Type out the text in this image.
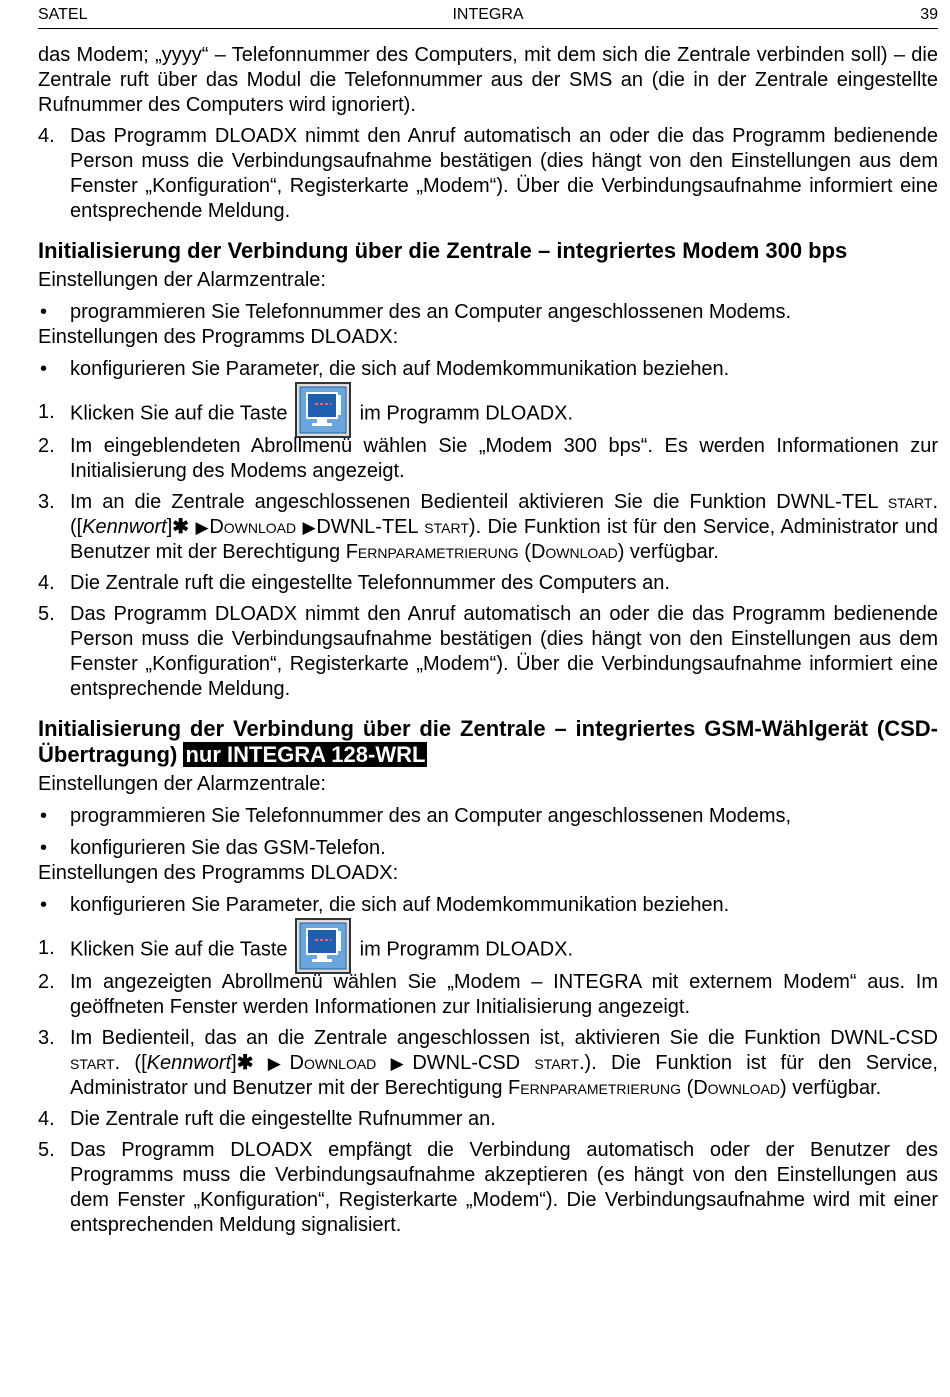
SATEL	INTEGRA	39

das Modem; „yyyy“ – Telefonnummer des Computers, mit dem sich die Zentrale verbinden soll) – die Zentrale ruft über das Modul die Telefonnummer aus der SMS an (die in der Zentrale eingestellte Rufnummer des Computers wird ignoriert).

4. Das Programm DLOADX nimmt den Anruf automatisch an oder die das Programm bedienende Person muss die Verbindungsaufnahme bestätigen (dies hängt von den Einstellungen aus dem Fenster „Konfiguration“, Registerkarte „Modem“). Über die Verbindungsaufnahme informiert eine entsprechende Meldung.
Initialisierung der Verbindung über die Zentrale – integriertes Modem 300 bps

Einstellungen der Alarmzentrale:

•	programmieren Sie Telefonnummer des an Computer angeschlossenen Modems.

Einstellungen des Programms DLOADX:

•	konfigurieren Sie Parameter, die sich auf Modemkommunikation beziehen.
1. Klicken Sie auf die Taste	im Programm DLOADX.
2. Im eingeblendeten Abrollmenü wählen Sie „Modem 300 bps“. Es werden Informationen zur Initialisierung des Modems angezeigt.
3. Im an die Zentrale angeschlossenen Bedienteil aktivieren Sie die Funktion DWNL-TEL start. ([Kennwort]✱ ▶Download ▶DWNL-TEL start). Die Funktion ist für den Service, Administrator und Benutzer mit der Berechtigung Fernparametrierung (Download) verfügbar.
4. Die Zentrale ruft die eingestellte Telefonnummer des Computers an.
5. Das Programm DLOADX nimmt den Anruf automatisch an oder die das Programm bedienende Person muss die Verbindungsaufnahme bestätigen (dies hängt von den Einstellungen aus dem Fenster „Konfiguration“, Registerkarte „Modem“). Über die Verbindungsaufnahme informiert eine entsprechende Meldung.
Initialisierung der Verbindung über die Zentrale – integriertes GSM-Wählgerät (CSD-Übertragung) nur INTEGRA 128-WRL

Einstellungen der Alarmzentrale:

•	programmieren Sie Telefonnummer des an Computer angeschlossenen Modems,
•	konfigurieren Sie das GSM-Telefon.

Einstellungen des Programms DLOADX:

•	konfigurieren Sie Parameter, die sich auf Modemkommunikation beziehen.
1. Klicken Sie auf die Taste	im Programm DLOADX.
2. Im angezeigten Abrollmenü wählen Sie „Modem – INTEGRA mit externem Modem“ aus. Im geöffneten Fenster werden Informationen zur Initialisierung angezeigt.
3. Im Bedienteil, das an die Zentrale angeschlossen ist, aktivieren Sie die Funktion DWNL-CSD start. ([Kennwort]✱ ▶Download ▶DWNL-CSD start.). Die Funktion ist für den Service, Administrator und Benutzer mit der Berechtigung Fernparametrierung (Download) verfügbar.
4. Die Zentrale ruft die eingestellte Rufnummer an.
5. Das Programm DLOADX empfängt die Verbindung automatisch oder der Benutzer des Programms muss die Verbindungsaufnahme akzeptieren (es hängt von den Einstellungen aus dem Fenster „Konfiguration“, Registerkarte „Modem“). Die Verbindungsaufnahme wird mit einer entsprechenden Meldung signalisiert.
